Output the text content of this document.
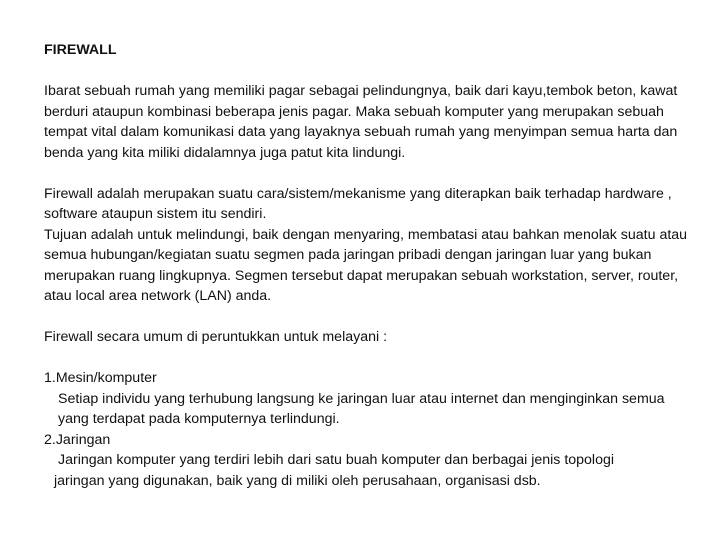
FIREWALL
Ibarat sebuah rumah yang memiliki pagar sebagai pelindungnya, baik dari kayu,tembok beton, kawat berduri ataupun kombinasi beberapa jenis pagar. Maka sebuah komputer yang merupakan sebuah tempat vital dalam komunikasi data yang layaknya sebuah rumah yang menyimpan semua harta dan benda yang kita miliki didalamnya juga patut kita lindungi.
Firewall adalah merupakan suatu cara/sistem/mekanisme yang diterapkan baik terhadap hardware , software ataupun sistem itu sendiri.
Tujuan adalah untuk melindungi, baik dengan menyaring, membatasi atau bahkan menolak suatu atau semua hubungan/kegiatan suatu segmen pada jaringan pribadi dengan jaringan luar yang bukan merupakan ruang lingkupnya. Segmen tersebut dapat merupakan sebuah workstation, server, router, atau local area network (LAN) anda.
Firewall secara umum di peruntukkan untuk melayani :
1.Mesin/komputer
Setiap individu yang terhubung langsung ke jaringan luar atau internet dan menginginkan semua yang terdapat pada komputernya terlindungi.
2.Jaringan
Jaringan komputer yang terdiri lebih dari satu buah komputer dan berbagai jenis topologi
jaringan yang digunakan, baik yang di miliki oleh perusahaan, organisasi dsb.
